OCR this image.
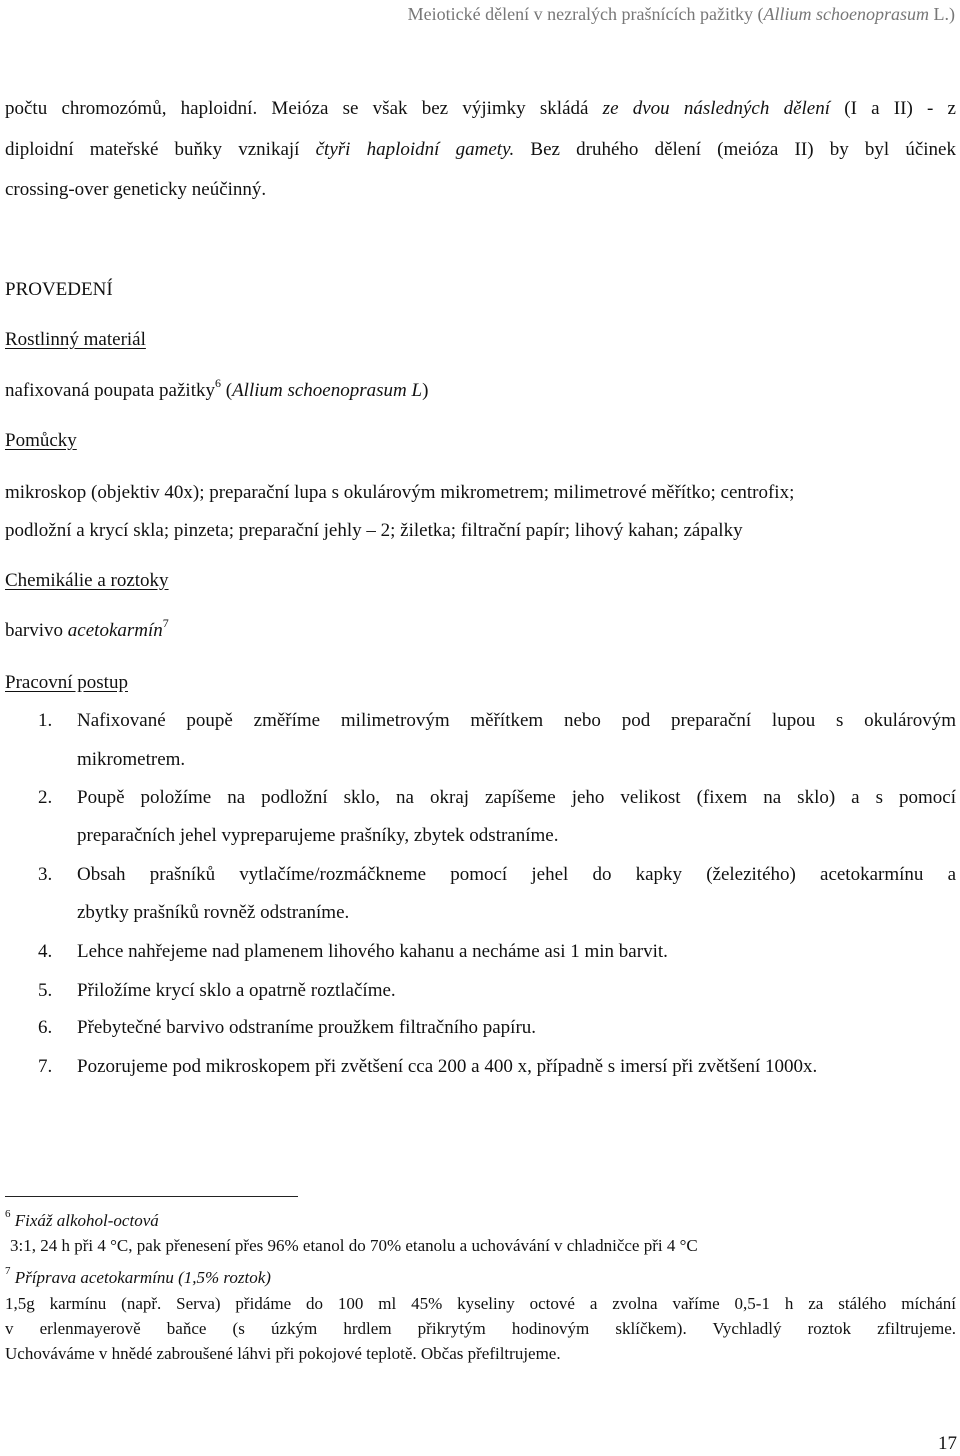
Meiotické dělení v nezralých prašnících pažitky (Allium schoenoprasum L.)
počtu chromozómů, haploidní. Meióza se však bez výjimky skládá ze dvou následných dělení (I a II) - z
diploidní mateřské buňky vznikají čtyři haploidní gamety. Bez druhého dělení (meióza II) by byl účinek
crossing-over geneticky neúčinný.
PROVEDENÍ
Rostlinný materiál
nafixovaná poupata pažitky$^6$ (Allium schoenoprasum L)
Pomůcky
mikroskop (objektiv 40x); preparační lupa s okulárovým mikrometrem; milimetrové měřítko; centrofix;
podložní a krycí skla; pinzeta; preparační jehly – 2; žiletka; filtrační papír; lihový kahan; zápalky
Chemikálie a roztoky
barvivo acetokarmín$^7$
Pracovní postup
1. Nafixované poupě změříme milimetrovým měřítkem nebo pod preparační lupou s okulárovým
mikrometrem.
2. Poupě položíme na podložní sklo, na okraj zapíšeme jeho velikost (fixem na sklo) a s pomocí
preparačních jehel vypreparujeme prašníky, zbytek odstraníme.
3. Obsah prašníků vytlačíme/rozmáčkneme pomocí jehel do kapky (železitého) acetokarmínu a
zbytky prašníků rovněž odstraníme.
4. Lehce nahřejeme nad plamenem lihového kahanu a necháme asi 1 min barvit.
5. Přiložíme krycí sklo a opatrně roztlačíme.
6. Přebytečné barvivo odstraníme proužkem filtračního papíru.
7. Pozorujeme pod mikroskopem při zvětšení cca 200 a 400 x, případně s imersí při zvětšení 1000x.
$^6$ Fixáž alkohol-octová
3:1, 24 h při 4 °C, pak přenesení přes 96% etanol do 70% etanolu a uchovávání v chladničce při 4 °C
$^7$ Příprava acetokarmínu (1,5% roztok)
1,5g karmínu (např. Serva) přidáme do 100 ml 45% kyseliny octové a zvolna vaříme 0,5-1 h za stálého míchání
v erlenmayerově baňce (s úzkým hrdlem přikrytým hodinovým sklíčkem). Vychladlý roztok zfiltrujeme.
Uchováváme v hnědé zabroušené láhvi při pokojové teplotě. Občas přefiltrujeme.
17
